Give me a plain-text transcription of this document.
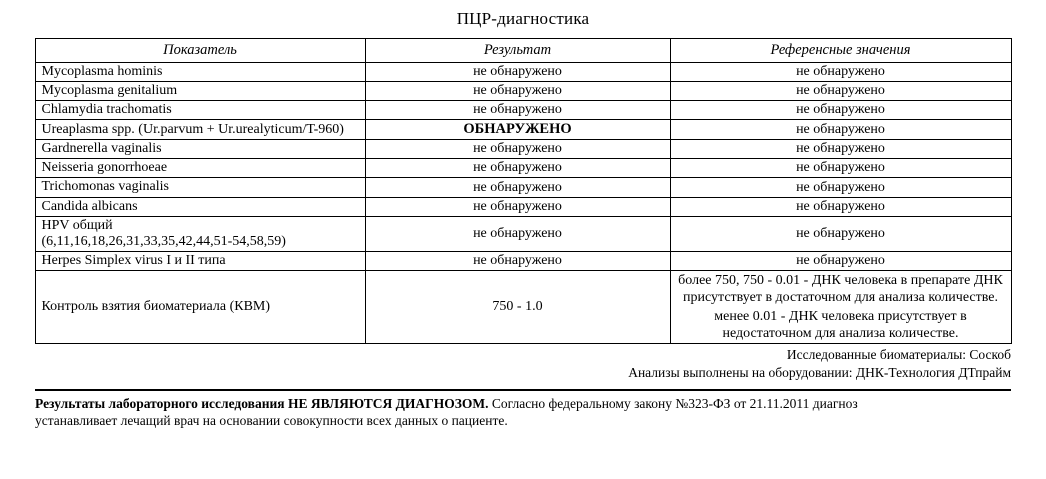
ПЦР-диагностика
Показатель	Результат	Референсные значения
Mycoplasma hominis	не обнаружено	не обнаружено
Mycoplasma genitalium	не обнаружено	не обнаружено
Chlamydia trachomatis	не обнаружено	не обнаружено
Ureaplasma spp. (Ur.parvum + Ur.urealyticum/T-960)	ОБНАРУЖЕНО	не обнаружено
Gardnerella vaginalis	не обнаружено	не обнаружено
Neisseria gonorrhoeae	не обнаружено	не обнаружено
Trichomonas vaginalis	не обнаружено	не обнаружено
Candida albicans	не обнаружено	не обнаружено
HPV общий
(6,11,16,18,26,31,33,35,42,44,51-54,58,59)	не обнаружено	не обнаружено
Herpes Simplex virus I и II типа	не обнаружено	не обнаружено
Контроль взятия биоматериала (КВМ)	750 - 1.0	более 750, 750 - 0.01 - ДНК человека в препарате ДНК присутствует в достаточном для анализа количестве.

менее 0.01 - ДНК человека присутствует в недостаточном для анализа количестве.

Исследованные биоматериалы: Соскоб
Анализы выполнены на оборудовании: ДНК-Технология ДТпрайм
Результаты лабораторного исследования НЕ ЯВЛЯЮТСЯ ДИАГНОЗОМ. Согласно федеральному закону №323-ФЗ от 21.11.2011 диагноз
устанавливает лечащий врач на основании совокупности всех данных о пациенте.
